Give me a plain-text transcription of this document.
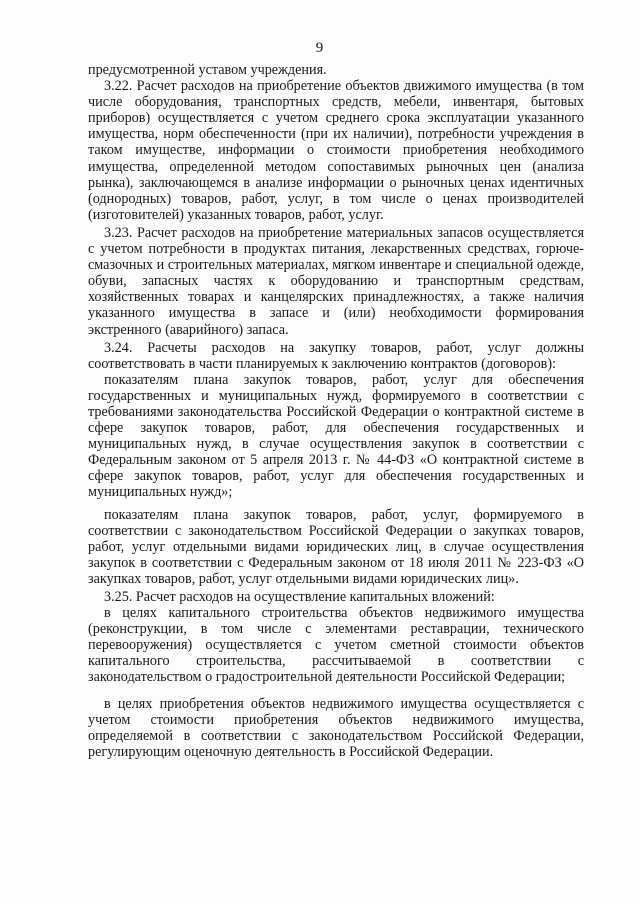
9

предусмотренной уставом учреждения.

3.22. Расчет расходов на приобретение объектов движимого имущества (в том числе оборудования, транспортных средств, мебели, инвентаря, бытовых приборов) осуществляется с учетом среднего срока эксплуатации указанного имущества, норм обеспеченности (при их наличии), потребности учреждения в таком имуществе, информации о стоимости приобретения необходимого имущества, определенной методом сопоставимых рыночных цен (анализа рынка), заключающемся в анализе информации о рыночных ценах идентичных (однородных) товаров, работ, услуг, в том числе о ценах производителей (изготовителей) указанных товаров, работ, услуг.

3.23. Расчет расходов на приобретение материальных запасов осуществляется с учетом потребности в продуктах питания, лекарственных средствах, горюче-смазочных и строительных материалах, мягком инвентаре и специальной одежде, обуви, запасных частях к оборудованию и транспортным средствам, хозяйственных товарах и канцелярских принадлежностях, а также наличия указанного имущества в запасе и (или) необходимости формирования экстренного (аварийного) запаса.

3.24. Расчеты расходов на закупку товаров, работ, услуг должны соответствовать в части планируемых к заключению контрактов (договоров):

показателям плана закупок товаров, работ, услуг для обеспечения государственных и муниципальных нужд, формируемого в соответствии с требованиями законодательства Российской Федерации о контрактной системе в сфере закупок товаров, работ, для обеспечения государственных и муниципальных нужд, в случае осуществления закупок в соответствии с Федеральным законом от 5 апреля 2013 г. № 44-ФЗ «О контрактной системе в сфере закупок товаров, работ, услуг для обеспечения государственных и муниципальных нужд»;

показателям плана закупок товаров, работ, услуг, формируемого в соответствии с законодательством Российской Федерации о закупках товаров, работ, услуг отдельными видами юридических лиц, в случае осуществления закупок в соответствии с Федеральным законом от 18 июля 2011 № 223-ФЗ «О закупках товаров, работ, услуг отдельными видами юридических лиц».

3.25. Расчет расходов на осуществление капитальных вложений:

в целях капитального строительства объектов недвижимого имущества (реконструкции, в том числе с элементами реставрации, технического перевооружения) осуществляется с учетом сметной стоимости объектов капитального строительства, рассчитываемой в соответствии с законодательством о градостроительной деятельности Российской Федерации;

в целях приобретения объектов недвижимого имущества осуществляется с учетом стоимости приобретения объектов недвижимого имущества, определяемой в соответствии с законодательством Российской Федерации, регулирующим оценочную деятельность в Российской Федерации.
